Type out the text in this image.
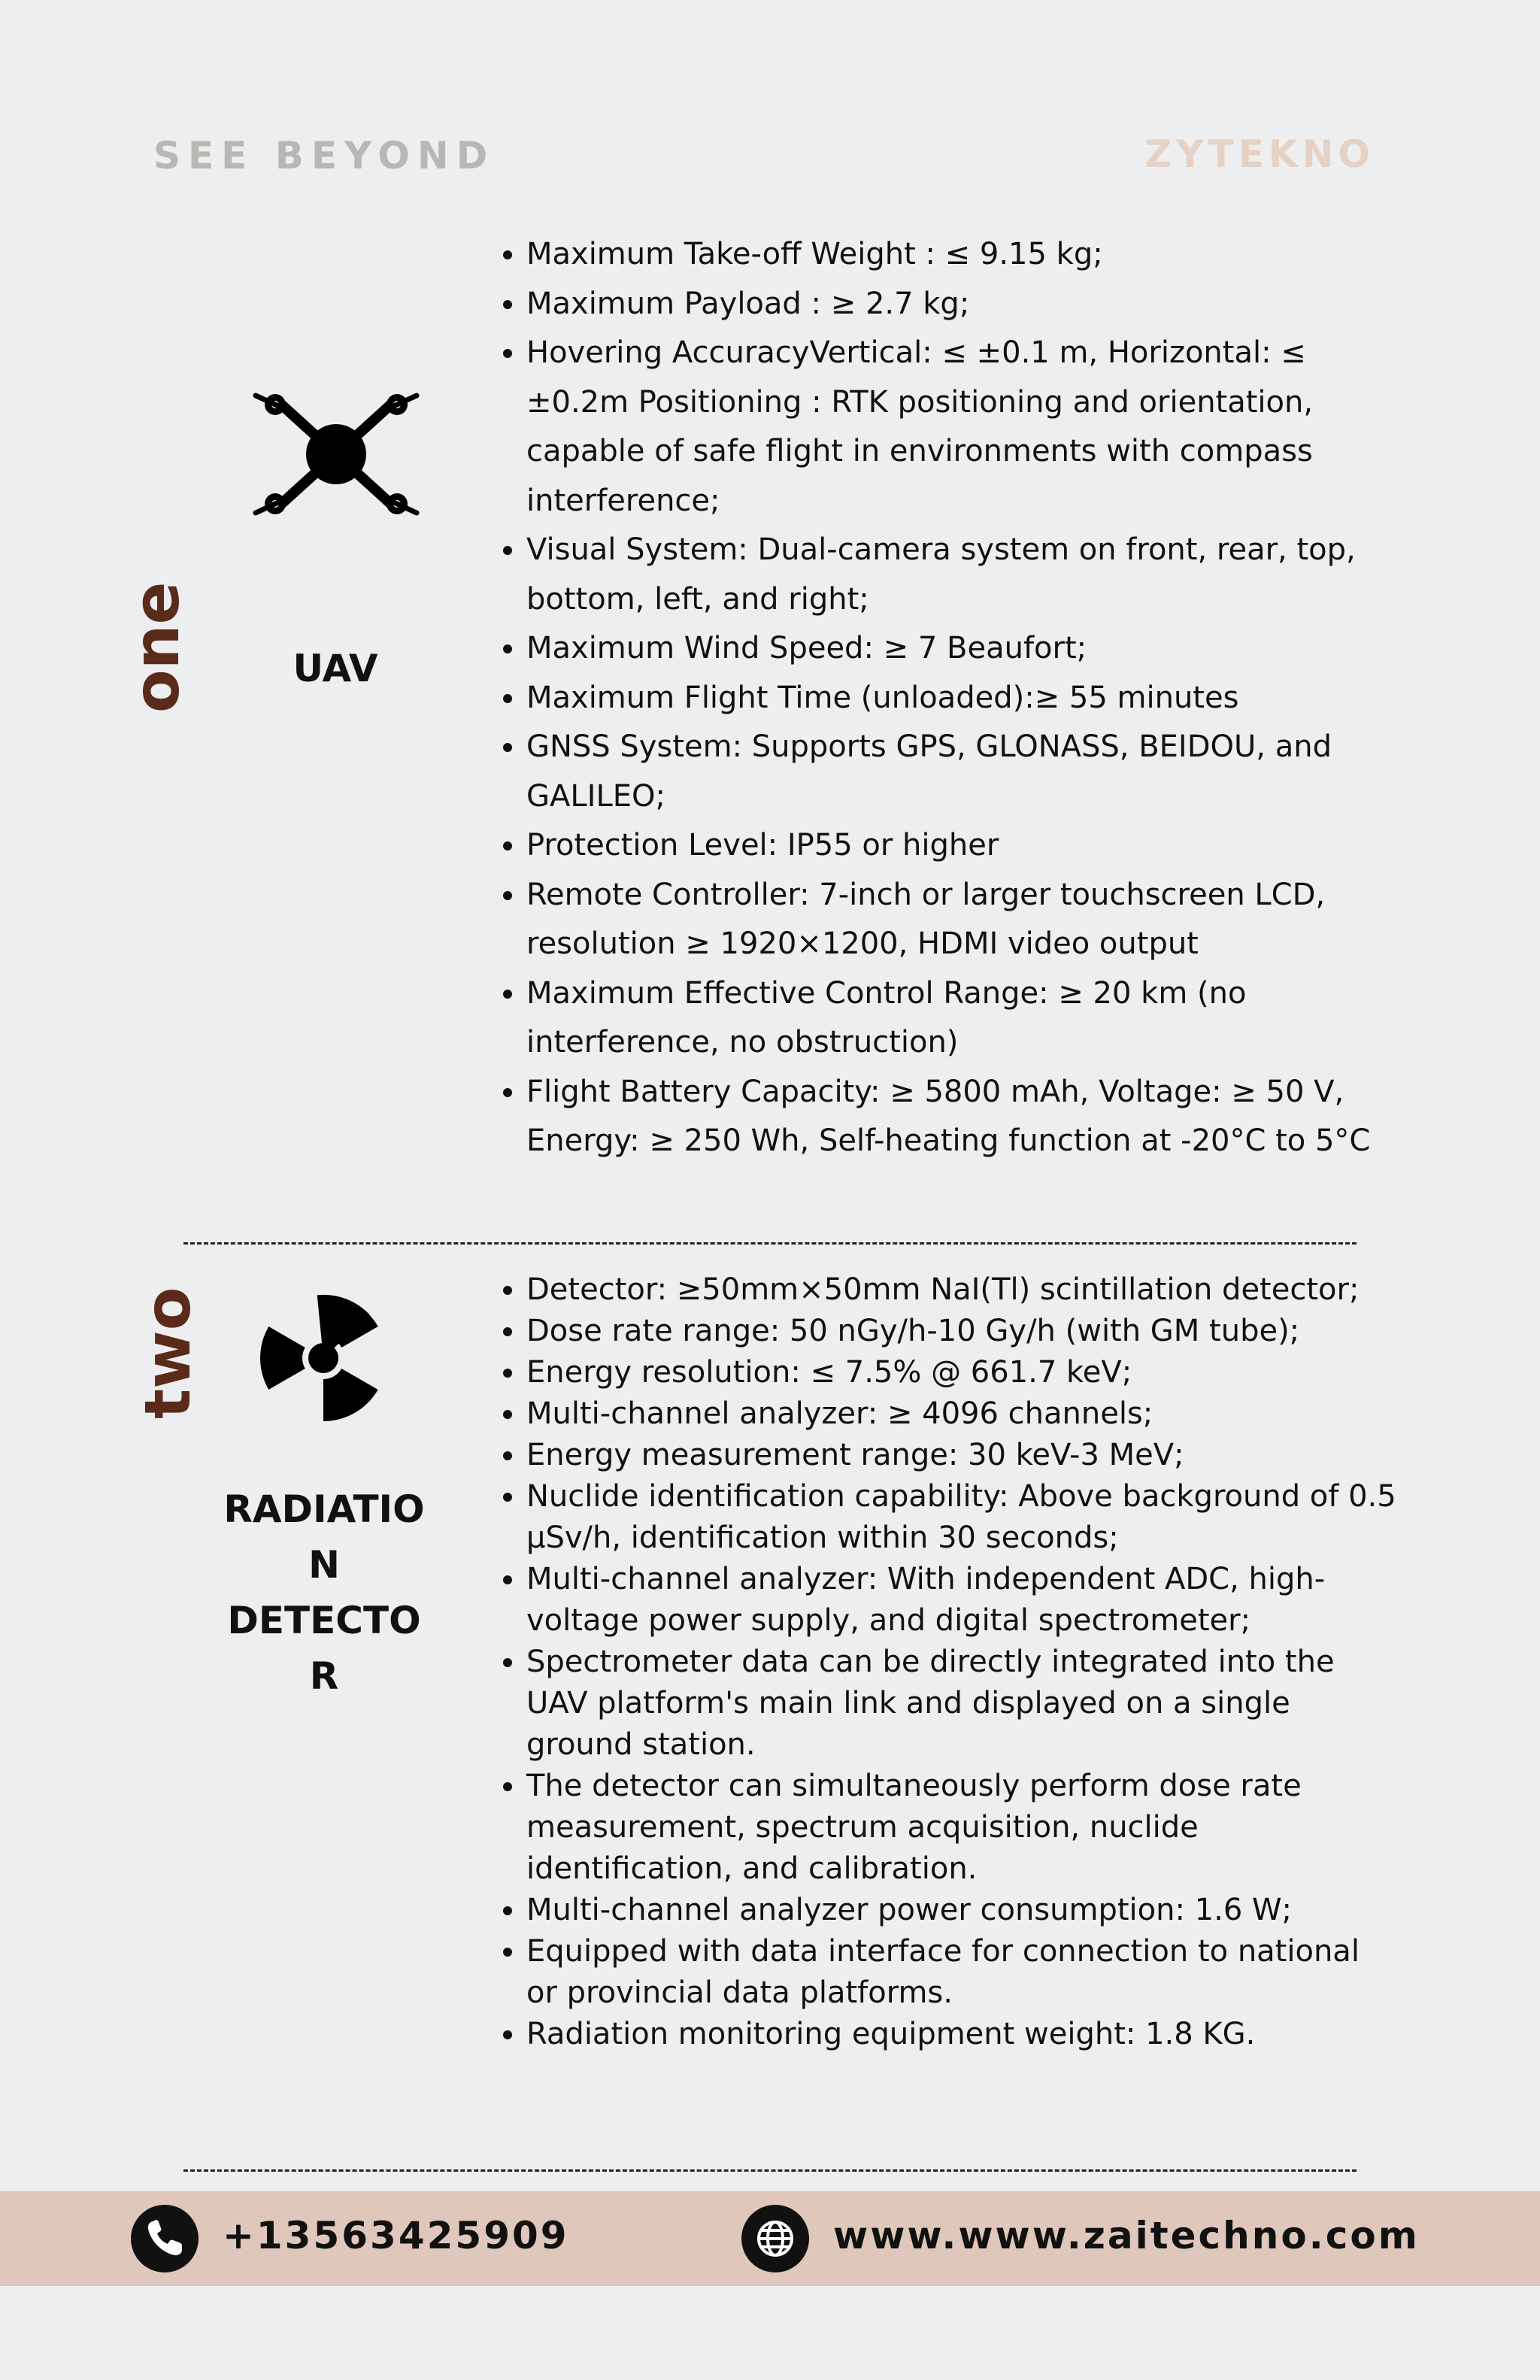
SEE BEYOND	ZYTEKNO
one	UAV
• Maximum Take-off Weight : ≤ 9.15 kg;
• Maximum Payload : ≥ 2.7 kg;
• Hovering AccuracyVertical: ≤ ±0.1 m, Horizontal: ≤ ±0.2m Positioning : RTK positioning and orientation, capable of safe flight in environments with compass interference;
• Visual System: Dual-camera system on front, rear, top, bottom, left, and right;
• Maximum Wind Speed: ≥ 7 Beaufort;
• Maximum Flight Time (unloaded):≥ 55 minutes
• GNSS System: Supports GPS, GLONASS, BEIDOU, and GALILEO;
• Protection Level: IP55 or higher
• Remote Controller: 7-inch or larger touchscreen LCD, resolution ≥ 1920×1200, HDMI video output
• Maximum Effective Control Range: ≥ 20 km (no interference, no obstruction)
• Flight Battery Capacity: ≥ 5800 mAh, Voltage: ≥ 50 V, Energy: ≥ 250 Wh, Self-heating function at -20°C to 5°C
two
RADIATIO
N
DETECTO
R
• Detector: ≥50mm×50mm NaI(Tl) scintillation detector;
• Dose rate range: 50 nGy/h-10 Gy/h (with GM tube);
• Energy resolution: ≤ 7.5% @ 661.7 keV;
• Multi-channel analyzer: ≥ 4096 channels;
• Energy measurement range: 30 keV-3 MeV;
• Nuclide identification capability: Above background of 0.5 μSv/h, identification within 30 seconds;
• Multi-channel analyzer: With independent ADC, high-voltage power supply, and digital spectrometer;
• Spectrometer data can be directly integrated into the UAV platform's main link and displayed on a single ground station.
• The detector can simultaneously perform dose rate measurement, spectrum acquisition, nuclide identification, and calibration.
• Multi-channel analyzer power consumption: 1.6 W;
• Equipped with data interface for connection to national or provincial data platforms.
• Radiation monitoring equipment weight: 1.8 KG.
+13563425909	www.www.zaitechno.com
